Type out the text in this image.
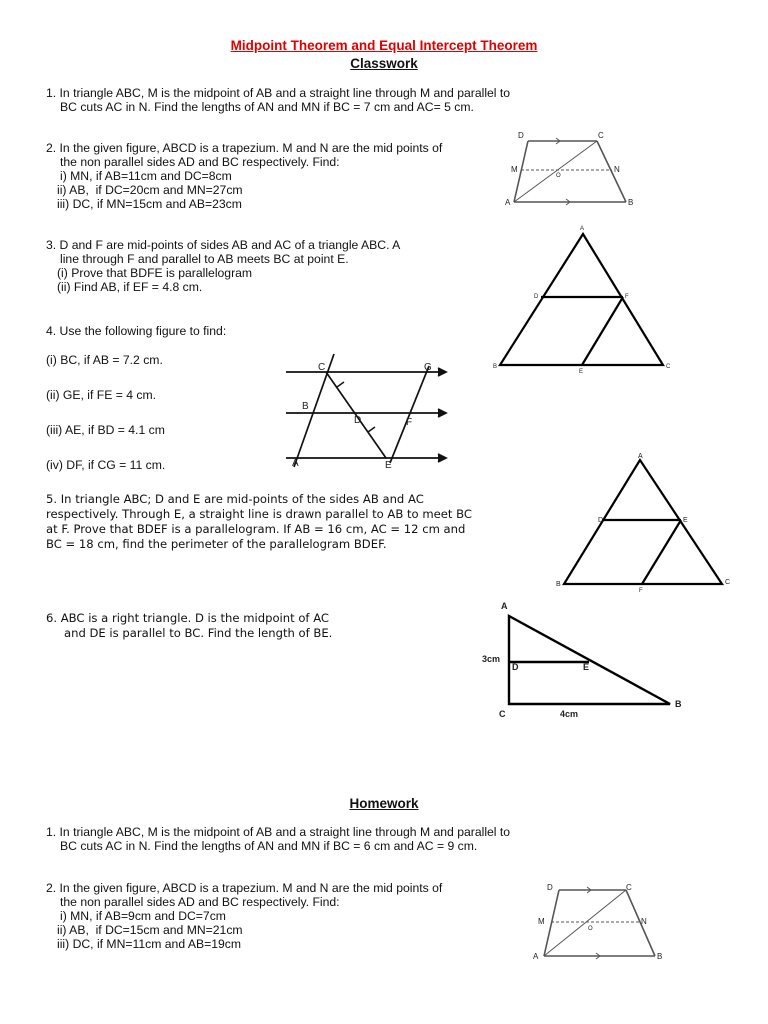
Midpoint Theorem and Equal Intercept Theorem
Classwork
1. In triangle ABC, M is the midpoint of AB and a straight line through M and parallel to
BC cuts AC in N. Find the lengths of AN and MN if BC = 7 cm and AC= 5 cm.
2. In the given figure, ABCD is a trapezium. M and N are the mid points of
the non parallel sides AD and BC respectively. Find:
i) MN, if AB=11cm and DC=8cm
ii) AB,  if DC=20cm and MN=27cm
iii) DC, if MN=15cm and AB=23cm
D	C
M	N
O
A	B
3. D and F are mid-points of sides AB and AC of a triangle ABC. A
line through F and parallel to AB meets BC at point E.
(i) Prove that BDFE is parallelogram
(ii) Find AB, if EF = 4.8 cm.
A
B	C
D
E
F
4. Use the following figure to find:
(i) BC, if AB = 7.2 cm.
(ii) GE, if FE = 4 cm.
(iii) AE, if BD = 4.1 cm
(iv) DF, if CG = 11 cm.
C
B
A
D
E
F
G
5. In triangle ABC; D and E are mid-points of the sides AB and AC
respectively. Through E, a straight line is drawn parallel to AB to meet BC
at F. Prove that BDEF is a parallelogram. If AB = 16 cm, AC = 12 cm and
BC = 18 cm, find the perimeter of the parallelogram BDEF.
A
B	C
D	E
F
6. ABC is a right triangle. D is the midpoint of AC
and DE is parallel to BC. Find the length of BE.
A
C
B
D	E
3cm
4cm
Homework
1. In triangle ABC, M is the midpoint of AB and a straight line through M and parallel to
BC cuts AC in N. Find the lengths of AN and MN if BC = 6 cm and AC = 9 cm.
2. In the given figure, ABCD is a trapezium. M and N are the mid points of
the non parallel sides AD and BC respectively. Find:
i) MN, if AB=9cm and DC=7cm
ii) AB,  if DC=15cm and MN=21cm
iii) DC, if MN=11cm and AB=19cm
D	C
M	N
O
A	B
